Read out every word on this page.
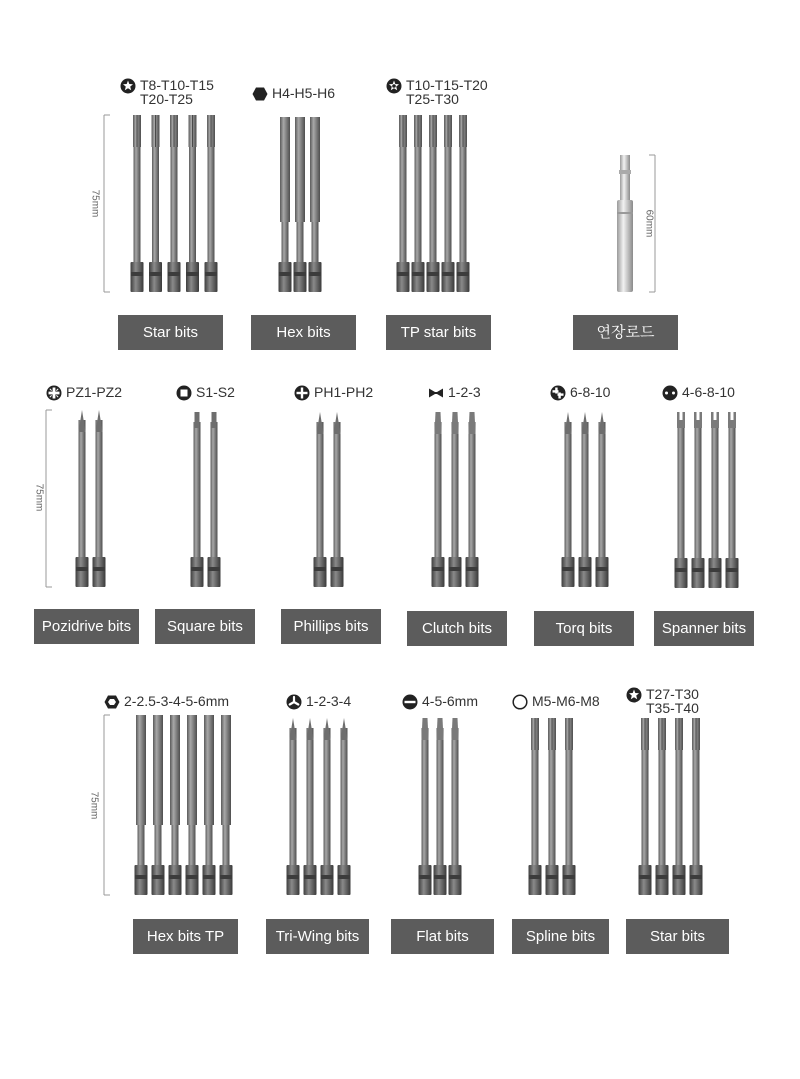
T8-T10-T15
T20-T25	H4-H5-H6	T10-T15-T20
T25-T30
PZ1-PZ2	S1-S2	PH1-PH2	1-2-3	6-8-10	4-6-8-10
2-2.5-3-4-5-6mm	1-2-3-4	4-5-6mm	M5-M6-M8	T27-T30
T35-T40
Star bits	Hex bits	TP star bits	연장로드
Pozidrive bits	Square bits	Phillips bits	Clutch bits	Torq bits	Spanner bits
Hex bits TP	Tri-Wing bits	Flat bits	Spline bits	Star bits
75mm
60mm
75mm
75mm
